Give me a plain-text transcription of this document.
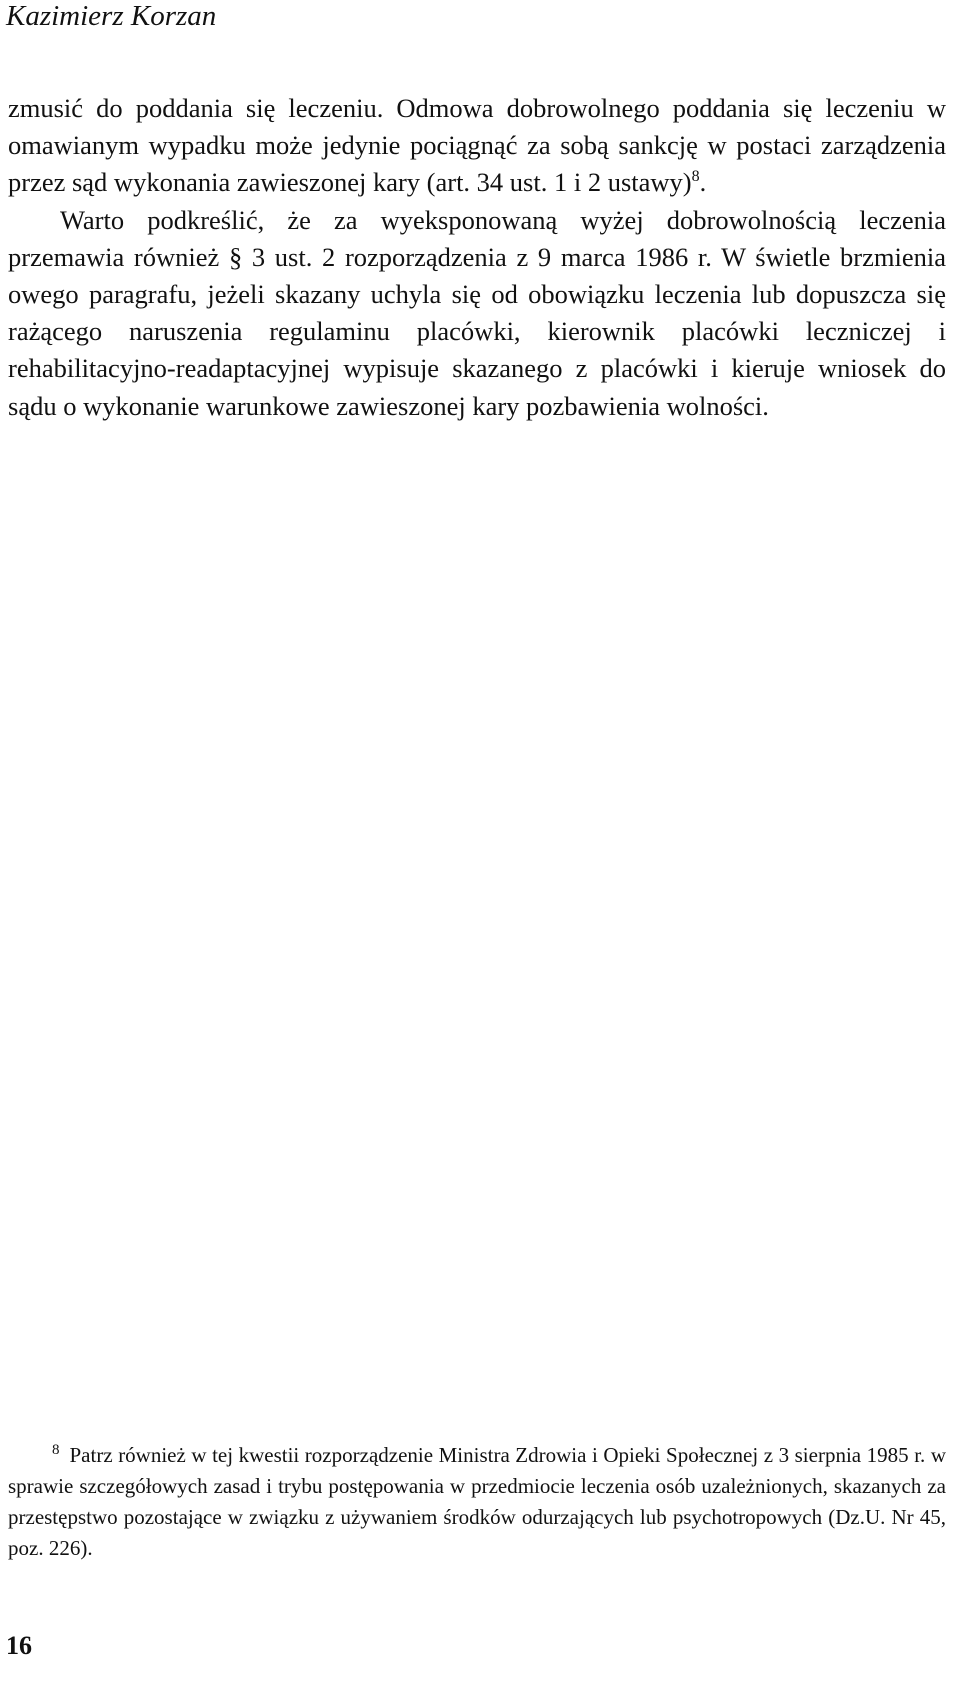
Kazimierz Korzan

zmusić do poddania się leczeniu. Odmowa dobrowolnego poddania się leczeniu w omawianym wypadku może jedynie pociągnąć za sobą sankcję w postaci zarządzenia przez sąd wykonania zawieszonej kary (art. 34 ust. 1 i 2 ustawy)$^8$.

Warto podkreślić, że za wyeksponowaną wyżej dobrowolnością leczenia przemawia również § 3 ust. 2 rozporządzenia z 9 marca 1986 r. W świetle brzmienia owego paragrafu, jeżeli skazany uchyla się od obowiązku leczenia lub dopuszcza się rażącego naruszenia regulaminu placówki, kierownik placówki leczniczej i rehabilitacyjno-readaptacyjnej wypisuje skazanego z placówki i kieruje wniosek do sądu o wykonanie warunkowe zawieszonej kary pozbawienia wolności.

$^8$ Patrz również w tej kwestii rozporządzenie Ministra Zdrowia i Opieki Społecznej z 3 sierpnia 1985 r. w sprawie szczegółowych zasad i trybu postępowania w przedmiocie leczenia osób uzależnionych, skazanych za przestępstwo pozostające w związku z używaniem środków odurzających lub psychotropowych (Dz.U. Nr 45, poz. 226).
16
